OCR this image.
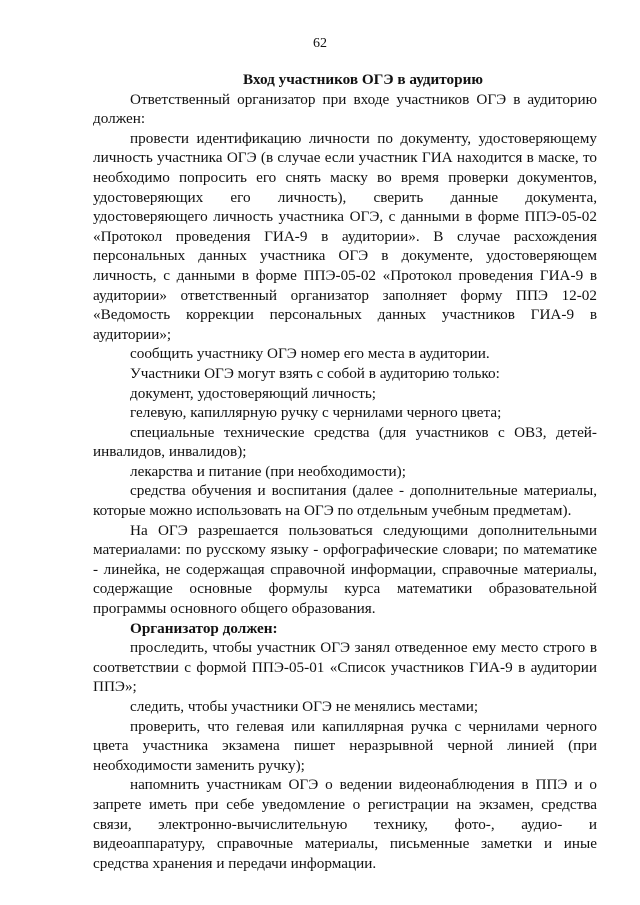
62
Вход участников ОГЭ в аудиторию

Ответственный организатор при входе участников ОГЭ в аудиторию должен:

провести идентификацию личности по документу, удостоверяющему личность участника ОГЭ (в случае если участник ГИА находится в маске, то необходимо попросить его снять маску во время проверки документов, удостоверяющих его личность), сверить данные документа, удостоверяющего личность участника ОГЭ, с данными в форме ППЭ-05-02 «Протокол проведения ГИА-9 в аудитории». В случае расхождения персональных данных участника ОГЭ в документе, удостоверяющем личность, с данными в форме ППЭ-05-02 «Протокол проведения ГИА-9 в аудитории» ответственный организатор заполняет форму ППЭ 12-02 «Ведомость коррекции персональных данных участников ГИА-9 в аудитории»;

сообщить участнику ОГЭ номер его места в аудитории.

Участники ОГЭ могут взять с собой в аудиторию только:

документ, удостоверяющий личность;

гелевую, капиллярную ручку с чернилами черного цвета;

специальные технические средства (для участников с ОВЗ, детей-инвалидов, инвалидов);

лекарства и питание (при необходимости);

средства обучения и воспитания (далее - дополнительные материалы, которые можно использовать на ОГЭ по отдельным учебным предметам).

На ОГЭ разрешается пользоваться следующими дополнительными материалами: по русскому языку - орфографические словари; по математике - линейка, не содержащая справочной информации, справочные материалы, содержащие основные формулы курса математики образовательной программы основного общего образования.

Организатор должен:

проследить, чтобы участник ОГЭ занял отведенное ему место строго в соответствии с формой ППЭ-05-01 «Список участников ГИА-9 в аудитории ППЭ»;

следить, чтобы участники ОГЭ не менялись местами;

проверить, что гелевая или капиллярная ручка с чернилами черного цвета участника экзамена пишет неразрывной черной линией (при необходимости заменить ручку);

напомнить участникам ОГЭ о ведении видеонаблюдения в ППЭ и о запрете иметь при себе уведомление о регистрации на экзамен, средства связи, электронно-вычислительную технику, фото-, аудио- и видеоаппаратуру, справочные материалы, письменные заметки и иные средства хранения и передачи информации.
